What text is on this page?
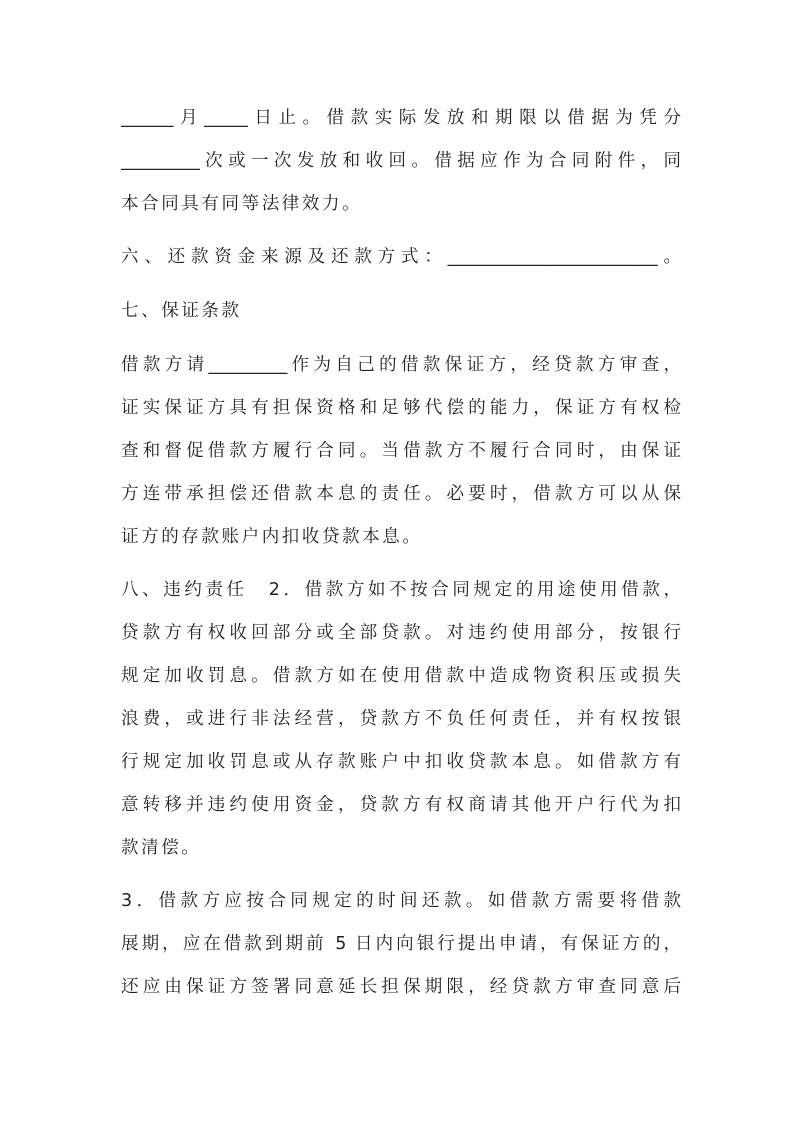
______月_____日止。借款实际发放和期限以借据为凭分
_________次或一次发放和收回。借据应作为合同附件，同
本合同具有同等法律效力。
六、还款资金来源及还款方式：________________________。
七、保证条款
借款方请_________作为自己的借款保证方，经贷款方审查，
证实保证方具有担保资格和足够代偿的能力，保证方有权检
查和督促借款方履行合同。当借款方不履行合同时，由保证
方连带承担偿还借款本息的责任。必要时，借款方可以从保
证方的存款账户内扣收贷款本息。
八、违约责任　2．借款方如不按合同规定的用途使用借款，
贷款方有权收回部分或全部贷款。对违约使用部分，按银行
规定加收罚息。借款方如在使用借款中造成物资积压或损失
浪费，或进行非法经营，贷款方不负任何责任，并有权按银
行规定加收罚息或从存款账户中扣收贷款本息。如借款方有
意转移并违约使用资金，贷款方有权商请其他开户行代为扣
款清偿。
3．借款方应按合同规定的时间还款。如借款方需要将借款
展期，应在借款到期前 5 日内向银行提出申请，有保证方的，
还应由保证方签署同意延长担保期限，经贷款方审查同意后
